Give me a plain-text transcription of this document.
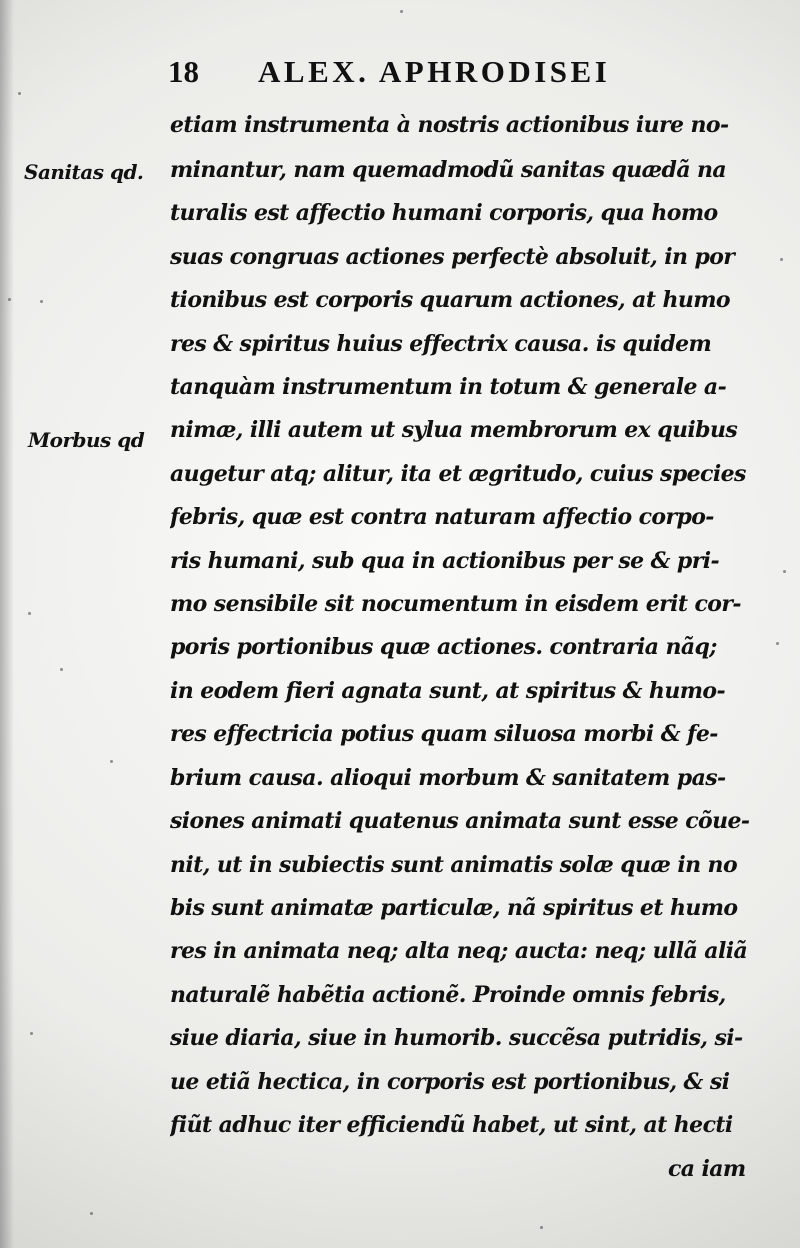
18 ALEX. APHRODISEI
Sanitas qd.
Morbus qd
etiam instrumenta à nostris actionibus iure no-
minantur, nam quemadmodũ sanitas quædã na
turalis est affectio humani corporis, qua homo
suas congruas actiones perfectè absoluit, in por
tionibus est corporis quarum actiones, at humo
res & spiritus huius effectrix causa. is quidem
tanquàm instrumentum in totum & generale a-
nimæ, illi autem ut sylua membrorum ex quibus
augetur atq; alitur, ita et ægritudo, cuius species
febris, quæ est contra naturam affectio corpo-
ris humani, sub qua in actionibus per se & pri-
mo sensibile sit nocumentum in eisdem erit cor-
poris portionibus quæ actiones. contraria nãq;
in eodem fieri agnata sunt, at spiritus & humo-
res effectricia potius quam siluosa morbi & fe-
brium causa. alioqui morbum & sanitatem pas-
siones animati quatenus animata sunt esse cõue-
nit, ut in subiectis sunt animatis solæ quæ in no
bis sunt animatæ particulæ, nã spiritus et humo
res in animata neq; alta neq; aucta: neq; ullã aliã
naturalẽ habẽtia actionẽ. Proinde omnis febris,
siue diaria, siue in humorib. succẽsa putridis, si-
ue etiã hectica, in corporis est portionibus, & si
fiũt adhuc iter efficiendũ habet, ut sint, at hecti
ca iam
